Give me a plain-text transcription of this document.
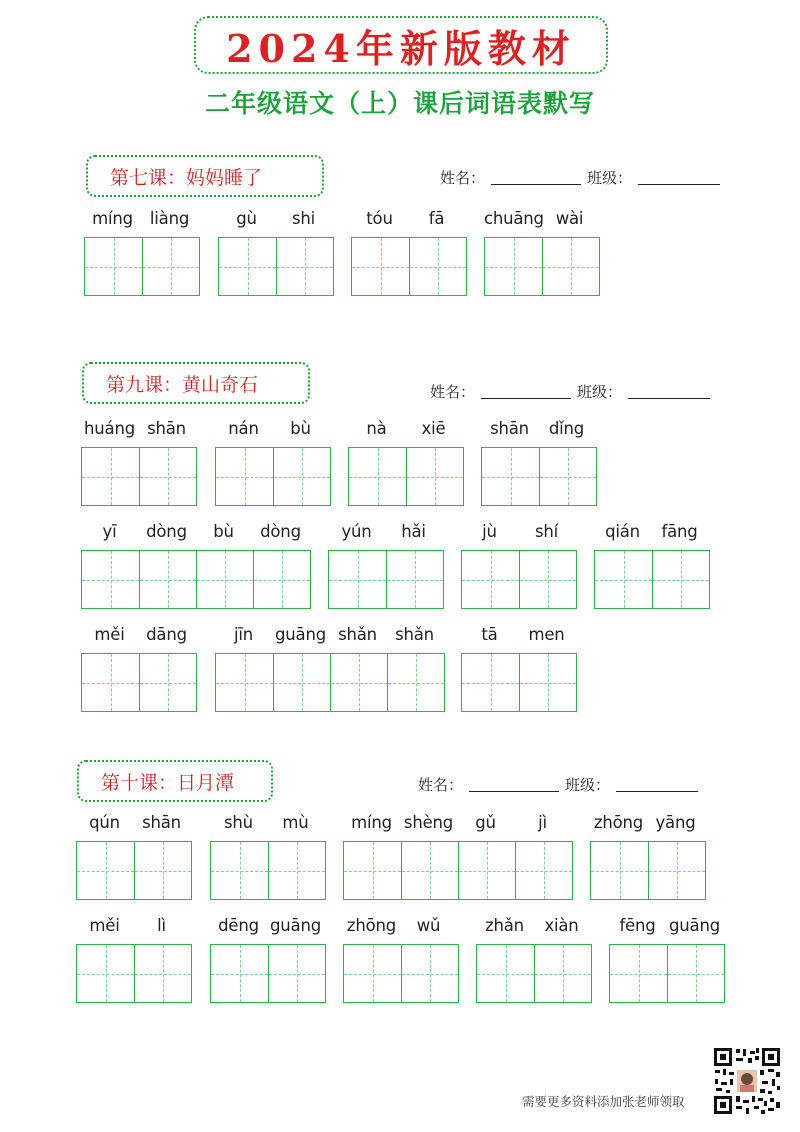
2024年新版教材
二年级语文（上）课后词语表默写
第七课：妈妈睡了	姓名：	班级：
míng	liàng	gù	shi	tóu	fā	chuāng wài
第九课：黄山奇石	姓名：	班级：
huáng shān	nán	bù	nà	xiē	shān	dǐng
yī	dòng	bù	dòng	yún	hǎi	jù	shí	qián	fāng
měi	dāng	jīn	guāng shǎn	shǎn	tā	men
第十课：日月潭	姓名：	班级：
qún	shān	shù	mù	míng shèng	gǔ	jì	zhōng yāng
měi	lì	dēng guāng zhōng	wǔ	zhǎn	xiàn	fēng guāng
需要更多资料添加张老师领取
